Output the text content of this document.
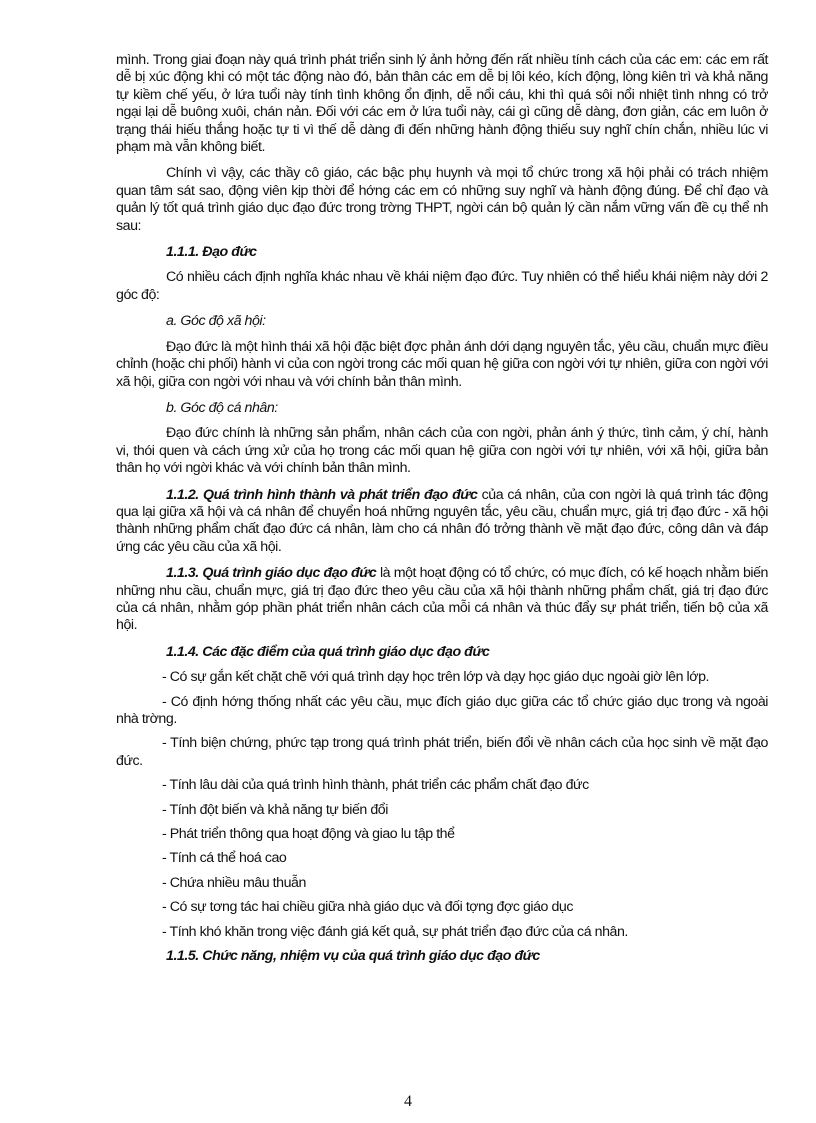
mình. Trong giai đoạn này quá trình phát triển sinh lý ảnh hởng đến rất nhiều tính cách của các em: các em rất dễ bị xúc động khi có một tác động nào đó, bản thân các em dễ bị lôi kéo, kích động, lòng kiên trì và khả năng tự kiềm chế yếu, ở lứa tuổi này tính tình không ổn định, dễ nổi cáu, khi thì quá sôi nổi nhiệt tình nhng có trở ngại lại dễ buông xuôi, chán nản. Đối với các em ở lứa tuổi này, cái gì cũng dễ dàng, đơn giản, các em luôn ở trạng thái hiếu thắng hoặc tự ti vì thế dễ dàng đi đến những hành động thiếu suy nghĩ chín chắn, nhiều lúc vi phạm mà vẫn không biết.

Chính vì vậy, các thầy cô giáo, các bậc phụ huynh và mọi tổ chức trong xã hội phải có trách nhiệm quan tâm sát sao, động viên kịp thời để hớng các em có những suy nghĩ và hành động đúng. Để chỉ đạo và quản lý tốt quá trình giáo dục đạo đức trong trờng THPT, ngời cán bộ quản lý cần nắm vững vấn đề cụ thể nh sau:

1.1.1. Đạo đức

Có nhiều cách định nghĩa khác nhau về khái niệm đạo đức. Tuy nhiên có thể hiểu khái niệm này dới 2 góc độ:

a. Góc độ xã hội:

Đạo đức là một hình thái xã hội đặc biệt đợc phản ánh dới dạng nguyên tắc, yêu cầu, chuẩn mực điều chỉnh (hoặc chi phối) hành vi của con ngời trong các mối quan hệ giữa con ngời với tự nhiên, giữa con ngời với xã hội, giữa con ngời với nhau và với chính bản thân mình.

b. Góc độ cá nhân:

Đạo đức chính là những sản phẩm, nhân cách của con ngời, phản ánh ý thức, tình cảm, ý chí, hành vi, thói quen và cách ứng xử của họ trong các mối quan hệ giữa con ngời với tự nhiên, với xã hội, giữa bản thân họ với ngời khác và với chính bản thân mình.

1.1.2. Quá trình hình thành và phát triển đạo đức của cá nhân, của con ngời là quá trình tác động qua lại giữa xã hội và cá nhân để chuyển hoá những nguyên tắc, yêu cầu, chuẩn mực, giá trị đạo đức - xã hội thành những phẩm chất đạo đức cá nhân, làm cho cá nhân đó trởng thành về mặt đạo đức, công dân và đáp ứng các yêu cầu của xã hội.

1.1.3. Quá trình giáo dục đạo đức là một hoạt động có tổ chức, có mục đích, có kế hoạch nhằm biến những nhu cầu, chuẩn mực, giá trị đạo đức theo yêu cầu của xã hội thành những phẩm chất, giá trị đạo đức của cá nhân, nhằm góp phần phát triển nhân cách của mỗi cá nhân và thúc đẩy sự phát triển, tiến bộ của xã hội.

1.1.4. Các đặc điểm của quá trình giáo dục đạo đức

- Có sự gắn kết chặt chẽ với quá trình dạy học trên lớp và dạy học giáo dục ngoài giờ lên lớp.

- Có định hớng thống nhất các yêu cầu, mục đích giáo dục giữa các tổ chức giáo dục trong và ngoài nhà trờng.

- Tính biện chứng, phức tạp trong quá trình phát triển, biến đổi về nhân cách của học sinh về mặt đạo đức.

- Tính lâu dài của quá trình hình thành, phát triển các phẩm chất đạo đức

- Tính đột biến và khả năng tự biến đổi

- Phát triển thông qua hoạt động và giao lu tập thể

- Tính cá thể hoá cao

- Chứa nhiều mâu thuẫn

- Có sự tơng tác hai chiều giữa nhà giáo dục và đối tợng đợc giáo dục

- Tính khó khăn trong việc đánh giá kết quả, sự phát triển đạo đức của cá nhân.

1.1.5. Chức năng, nhiệm vụ của quá trình giáo dục đạo đức

4
